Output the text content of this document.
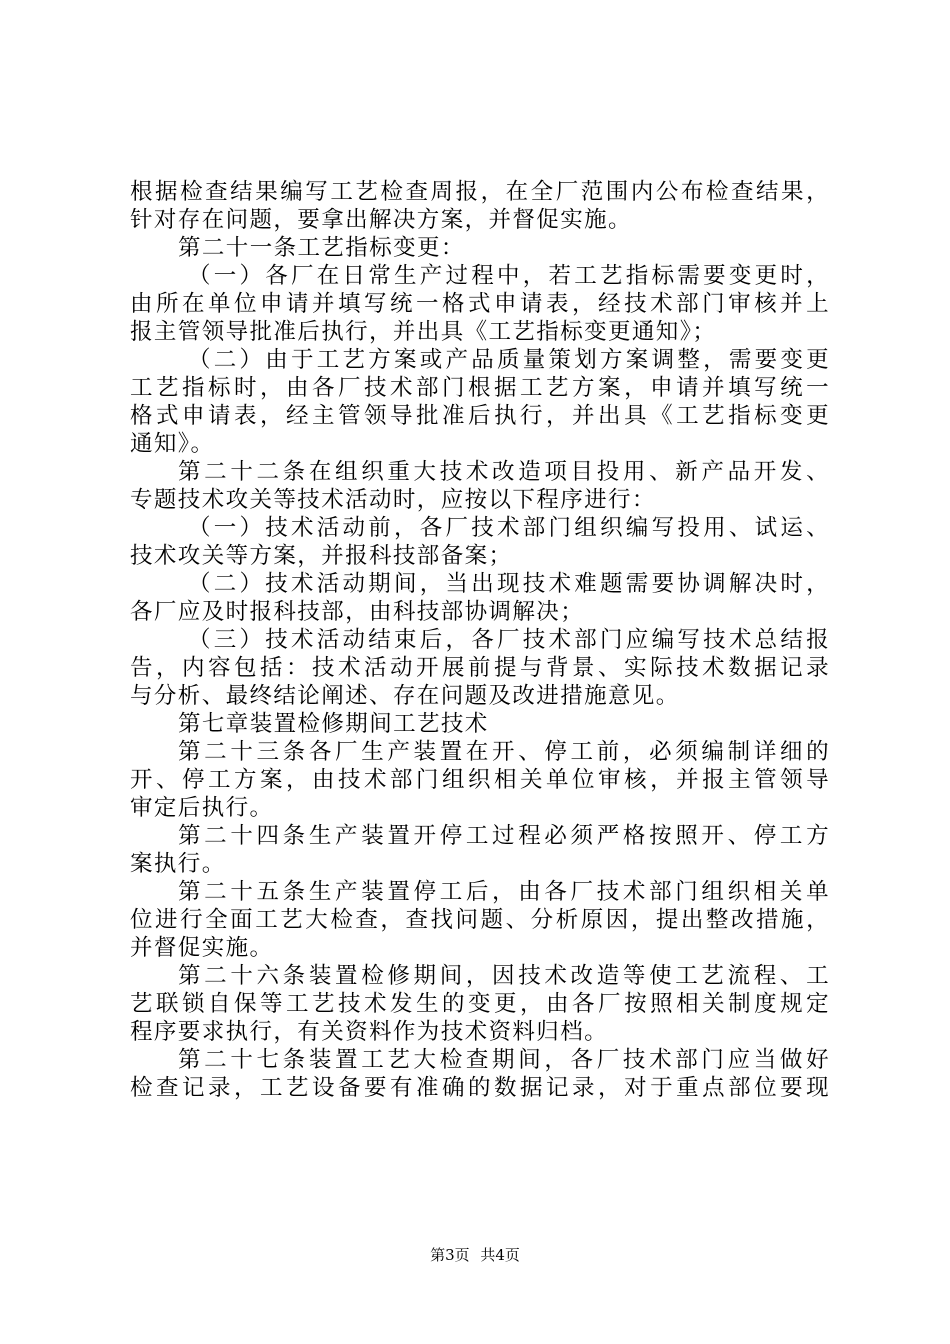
根据检查结果编写工艺检查周报，在全厂范围内公布检查结果，
针对存在问题，要拿出解决方案，并督促实施。
第二十一条工艺指标变更：
（一）各厂在日常生产过程中，若工艺指标需要变更时，
由所在单位申请并填写统一格式申请表，经技术部门审核并上
报主管领导批准后执行，并出具《工艺指标变更通知》；
（二）由于工艺方案或产品质量策划方案调整，需要变更
工艺指标时，由各厂技术部门根据工艺方案，申请并填写统一
格式申请表，经主管领导批准后执行，并出具《工艺指标变更
通知》。
第二十二条在组织重大技术改造项目投用、新产品开发、
专题技术攻关等技术活动时，应按以下程序进行：
（一）技术活动前，各厂技术部门组织编写投用、试运、
技术攻关等方案，并报科技部备案；
（二）技术活动期间，当出现技术难题需要协调解决时，
各厂应及时报科技部，由科技部协调解决；
（三）技术活动结束后，各厂技术部门应编写技术总结报
告，内容包括：技术活动开展前提与背景、实际技术数据记录
与分析、最终结论阐述、存在问题及改进措施意见。
第七章装置检修期间工艺技术
第二十三条各厂生产装置在开、停工前，必须编制详细的
开、停工方案，由技术部门组织相关单位审核，并报主管领导
审定后执行。
第二十四条生产装置开停工过程必须严格按照开、停工方
案执行。
第二十五条生产装置停工后，由各厂技术部门组织相关单
位进行全面工艺大检查，查找问题、分析原因，提出整改措施，
并督促实施。
第二十六条装置检修期间，因技术改造等使工艺流程、工
艺联锁自保等工艺技术发生的变更，由各厂按照相关制度规定
程序要求执行，有关资料作为技术资料归档。
第二十七条装置工艺大检查期间，各厂技术部门应当做好
检查记录，工艺设备要有准确的数据记录，对于重点部位要现
第3页 共4页
